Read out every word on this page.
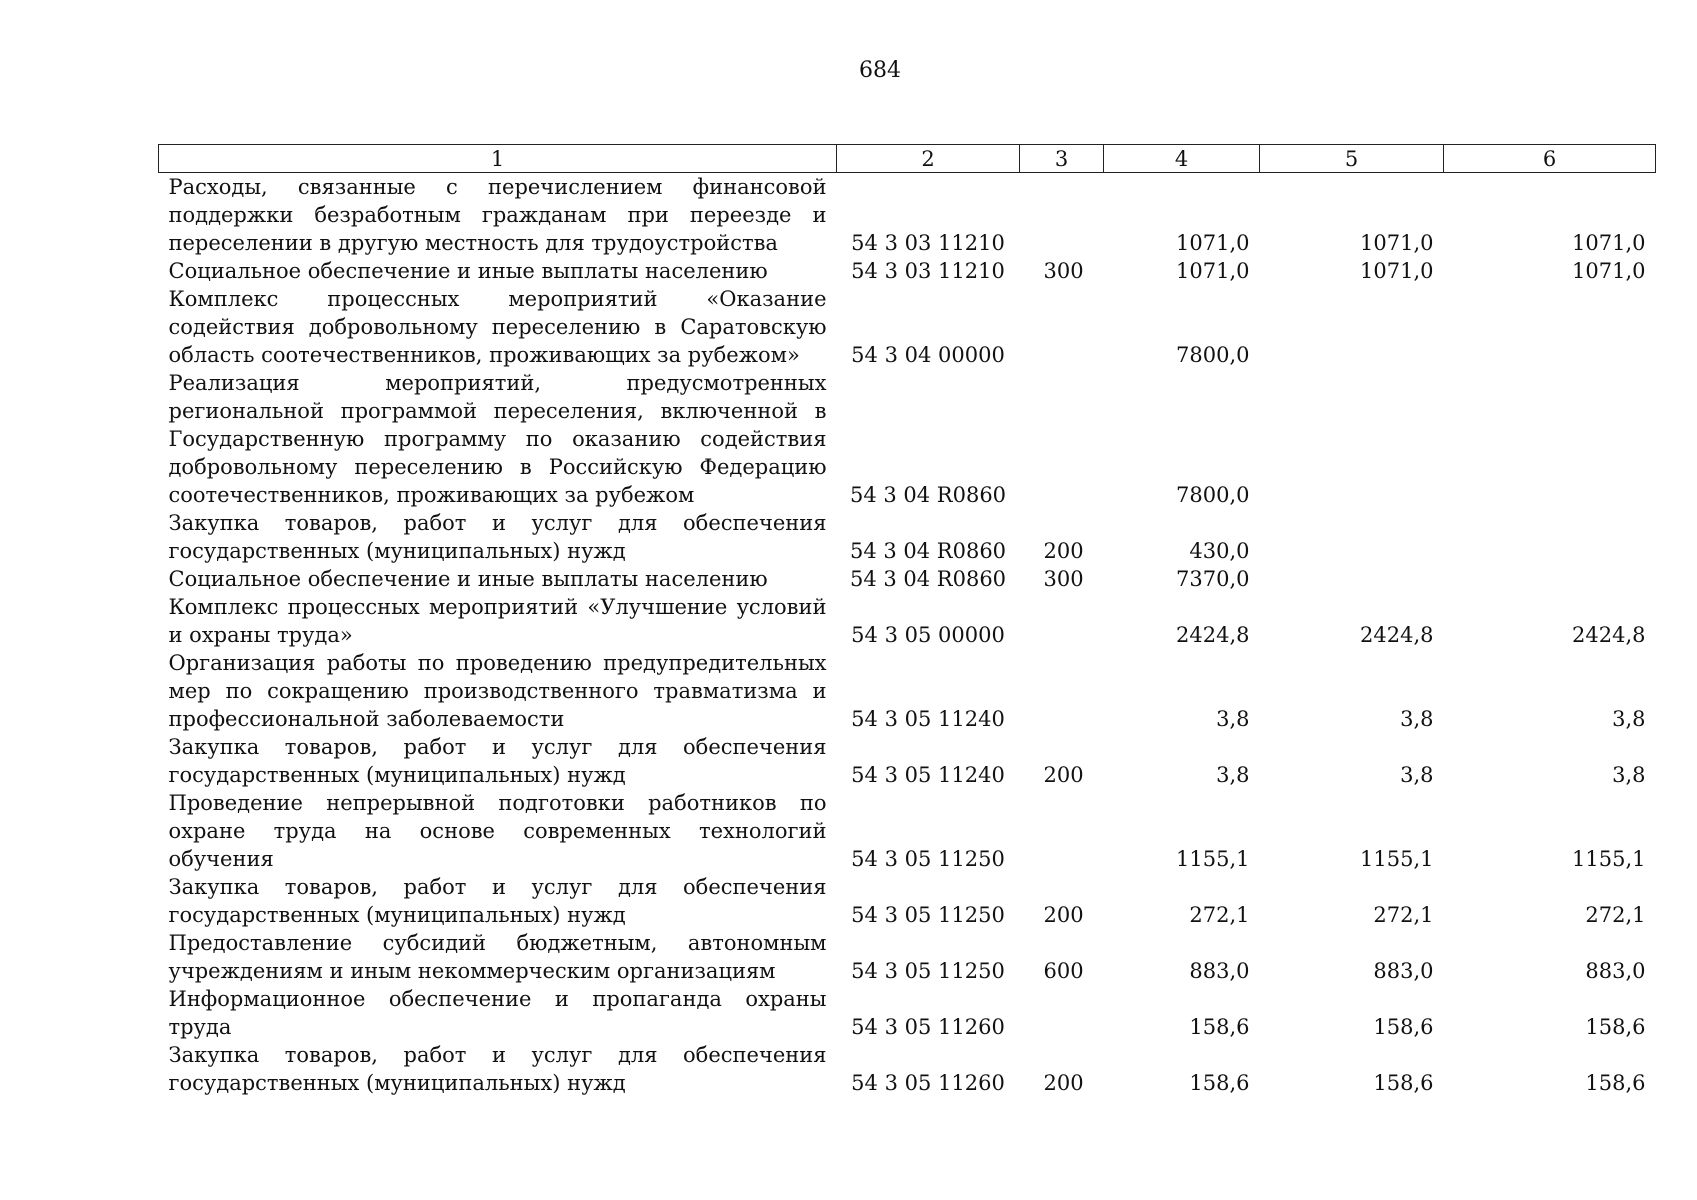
684
1	2	3	4	5	6
Расходы, связанные с перечислением финансовой поддержки безработным гражданам при переезде и переселении в другую местность для трудоустройства	54 3 03 11210		1071,0	1071,0	1071,0
Социальное обеспечение и иные выплаты населению	54 3 03 11210	300	1071,0	1071,0	1071,0
Комплекс процессных мероприятий «Оказание содействия добровольному переселению в Саратовскую область соотечественников, проживающих за рубежом»	54 3 04 00000		7800,0		
Реализация мероприятий, предусмотренных региональной программой переселения, включенной в Государственную программу по оказанию содействия добровольному переселению в Российскую Федерацию соотечественников, проживающих за рубежом	54 3 04 R0860		7800,0		
Закупка товаров, работ и услуг для обеспечения государственных (муниципальных) нужд	54 3 04 R0860	200	430,0		
Социальное обеспечение и иные выплаты населению	54 3 04 R0860	300	7370,0		
Комплекс процессных мероприятий «Улучшение условий и охраны труда»	54 3 05 00000		2424,8	2424,8	2424,8
Организация работы по проведению предупредительных мер по сокращению производственного травматизма и профессиональной заболеваемости	54 3 05 11240		3,8	3,8	3,8
Закупка товаров, работ и услуг для обеспечения государственных (муниципальных) нужд	54 3 05 11240	200	3,8	3,8	3,8
Проведение непрерывной подготовки работников по охране труда на основе современных технологий обучения	54 3 05 11250		1155,1	1155,1	1155,1
Закупка товаров, работ и услуг для обеспечения государственных (муниципальных) нужд	54 3 05 11250	200	272,1	272,1	272,1
Предоставление субсидий бюджетным, автономным учреждениям и иным некоммерческим организациям	54 3 05 11250	600	883,0	883,0	883,0
Информационное обеспечение и пропаганда охраны труда	54 3 05 11260		158,6	158,6	158,6
Закупка товаров, работ и услуг для обеспечения государственных (муниципальных) нужд	54 3 05 11260	200	158,6	158,6	158,6
